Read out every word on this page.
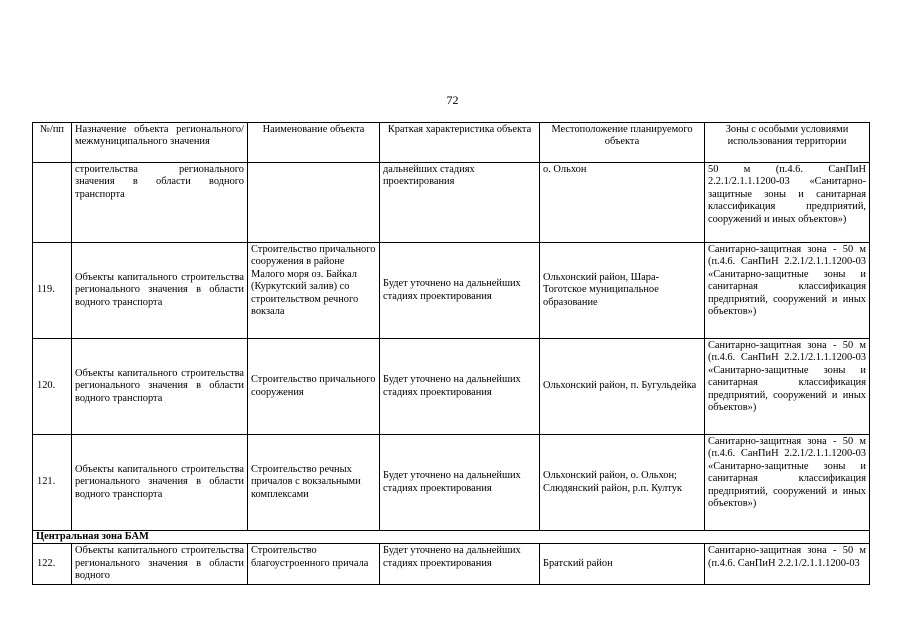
72
№/пп	Назначение объекта регионального/ межмуниципального значения	Наименование объекта	Краткая характеристика объекта	Местоположение планируемого объекта	Зоны с особыми условиями использования территории
	строительства регионального значения в области водного транспорта		дальнейших стадиях проектирования	о. Ольхон	50 м (п.4.6. СанПиН 2.2.1/2.1.1.1200-03 «Санитарно-защитные зоны и санитарная классификация предприятий, сооружений и иных объектов»)
119.	Объекты капитального строительства регионального значения в области водного транспорта	Строительство причального сооружения в районе Малого моря оз. Байкал (Куркутский залив) со строительством речного вокзала	Будет уточнено на дальнейших стадиях проектирования	Ольхонский район, Шара-Тоготское муниципальное образование	Санитарно-защитная зона - 50 м (п.4.6. СанПиН 2.2.1/2.1.1.1200-03 «Санитарно-защитные зоны и санитарная классификация предприятий, сооружений и иных объектов»)
120.	Объекты капитального строительства регионального значения в области водного транспорта	Строительство причального сооружения	Будет уточнено на дальнейших стадиях проектирования	Ольхонский район, п. Бугульдейка	Санитарно-защитная зона - 50 м (п.4.6. СанПиН 2.2.1/2.1.1.1200-03 «Санитарно-защитные зоны и санитарная классификация предприятий, сооружений и иных объектов»)
121.	Объекты капитального строительства регионального значения в области водного транспорта	Строительство речных причалов с вокзальными комплексами	Будет уточнено на дальнейших стадиях проектирования	Ольхонский район, о. Ольхон; Слюдянский район, р.п. Култук	Санитарно-защитная зона - 50 м (п.4.6. СанПиН 2.2.1/2.1.1.1200-03 «Санитарно-защитные зоны и санитарная классификация предприятий, сооружений и иных объектов»)
Центральная зона БАМ					
122.	Объекты капитального строительства регионального значения в области водного	Строительство благоустроенного причала	Будет уточнено на дальнейших стадиях проектирования	Братский район	Санитарно-защитная зона - 50 м (п.4.6. СанПиН 2.2.1/2.1.1.1200-03
